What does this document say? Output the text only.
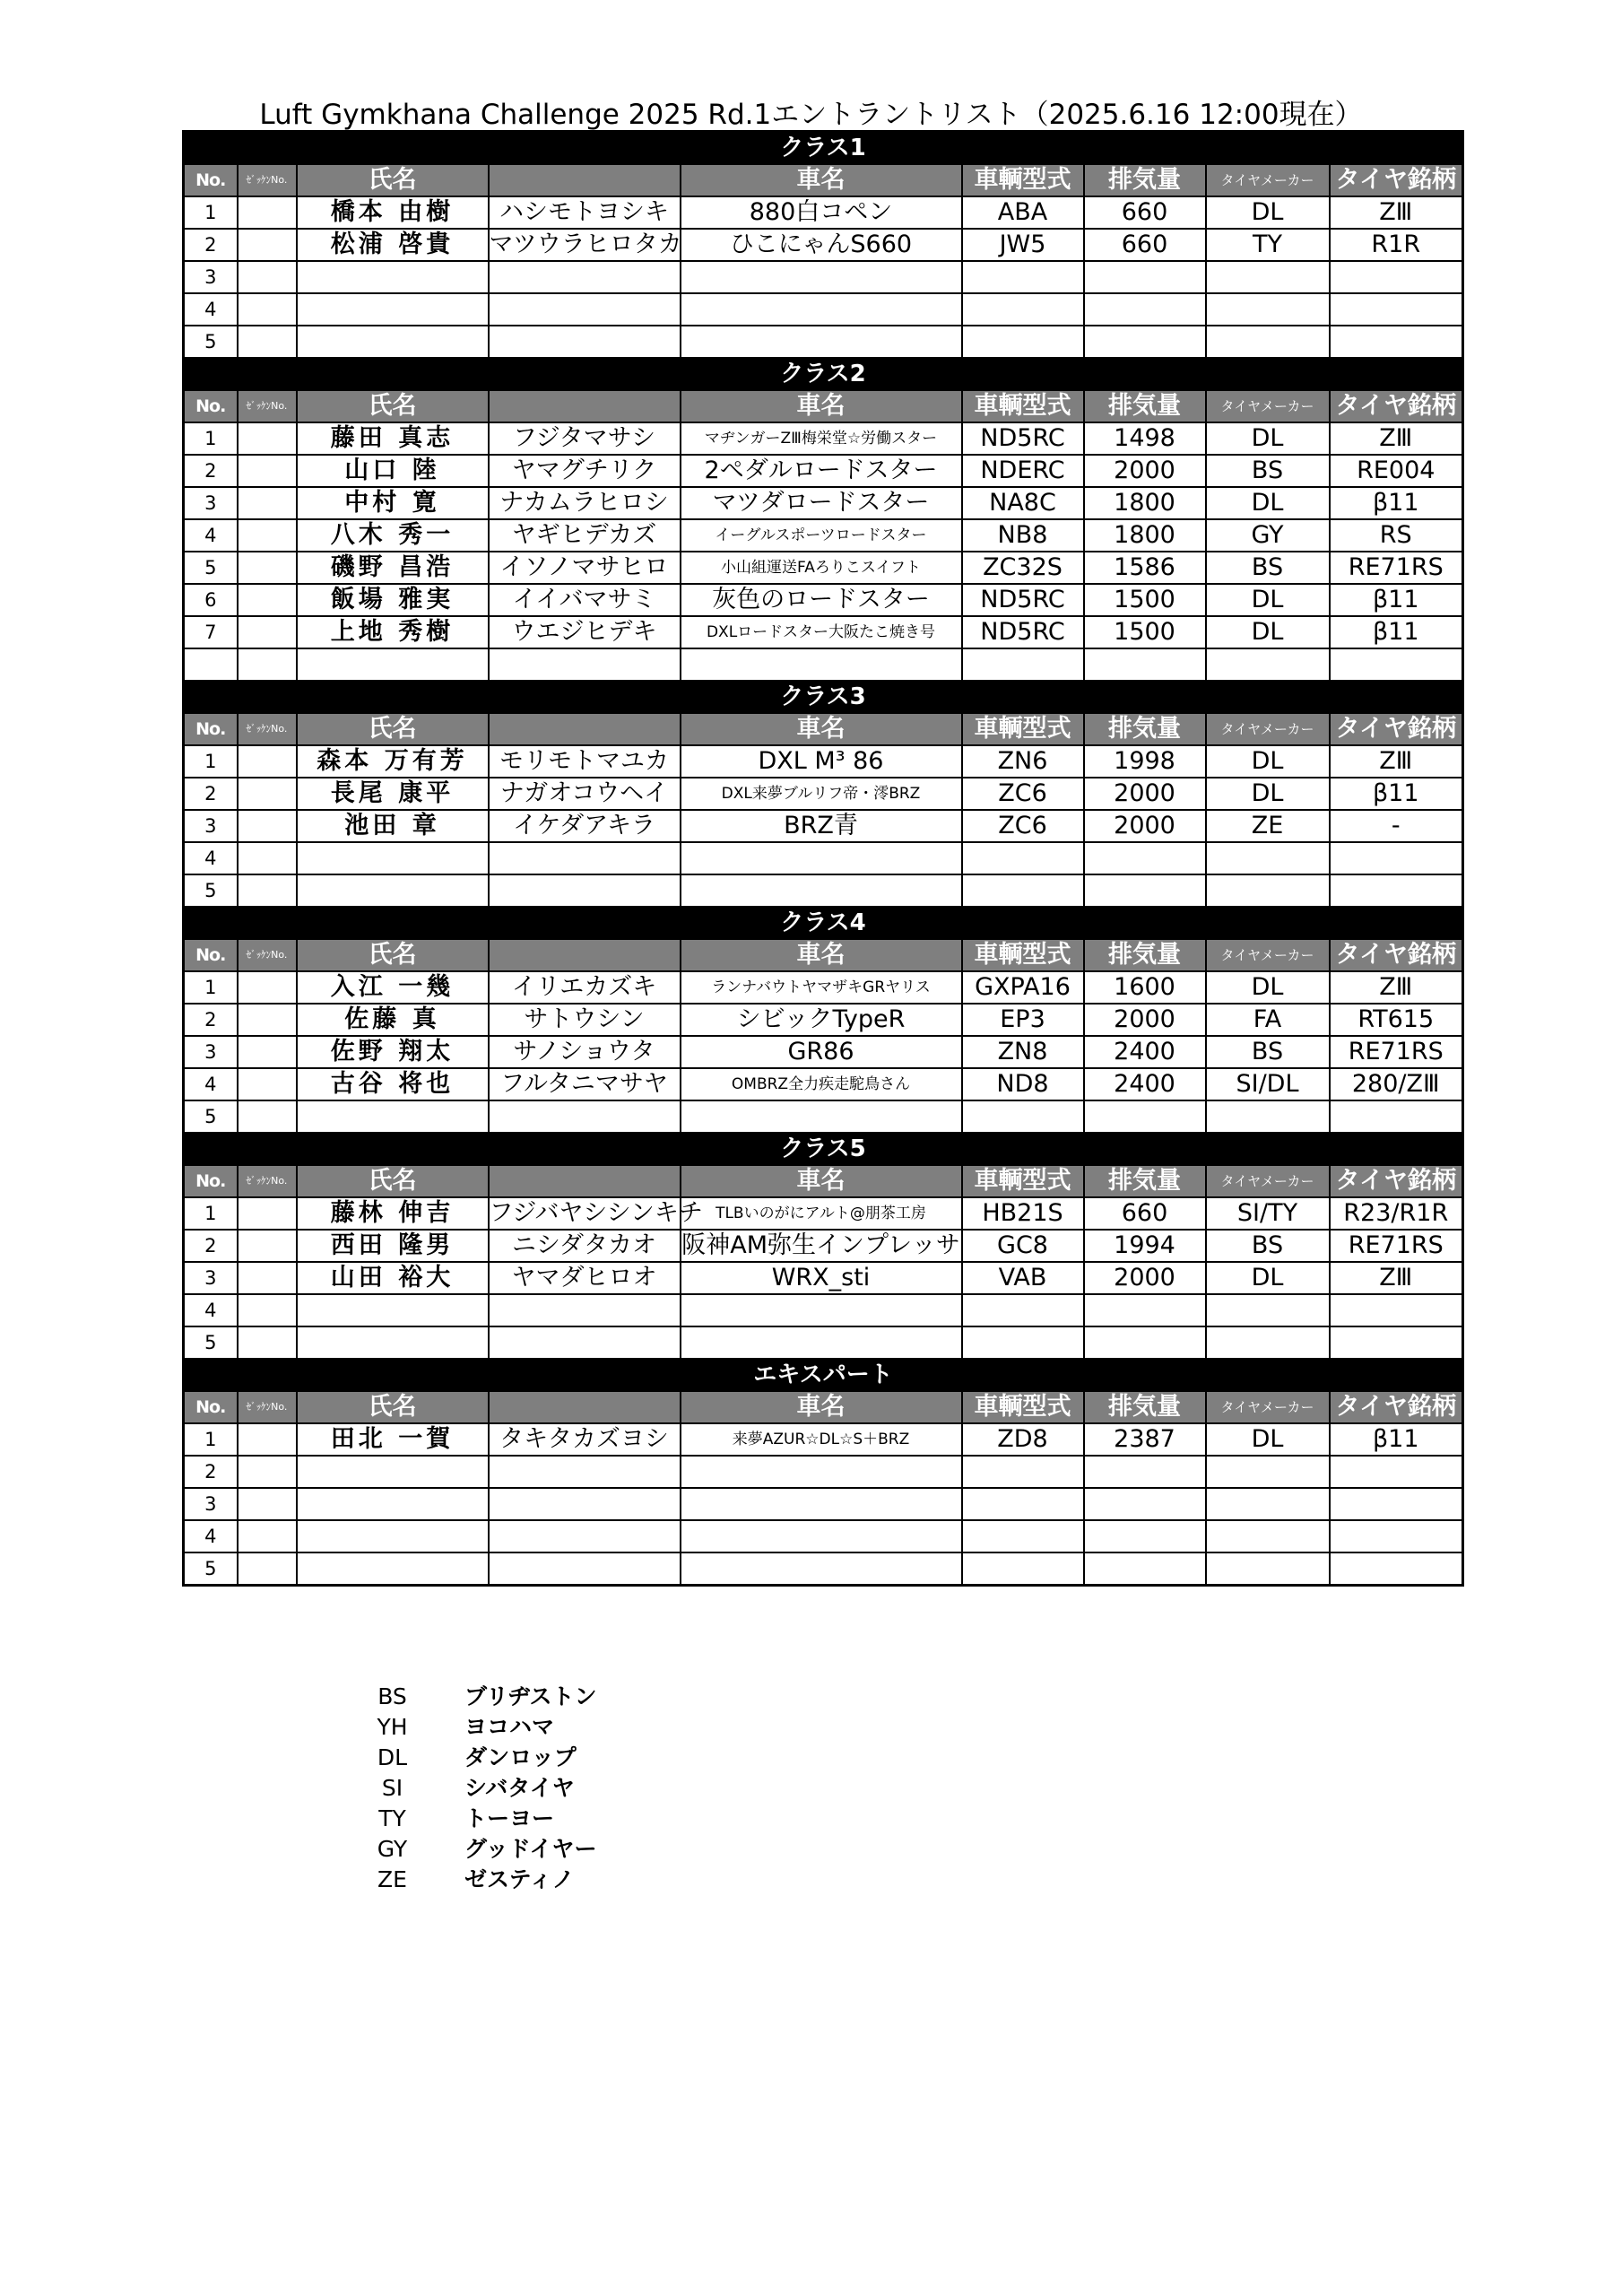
Luft Gymkhana Challenge 2025 Rd.1エントラントリスト（2025.6.16 12:00現在）
クラス1								
No.	ｾﾞｯｹﾝNo.	氏名		車名	車輌型式	排気量	タイヤメーカー	タイヤ銘柄
1		橋本 由樹	ハシモトヨシキ	880白コペン	ABA	660	DL	ZⅢ
2		松浦 啓貴	マツウラヒロタカ	ひこにゃんS660	JW5	660	TY	R1R
3								
4								
5								
クラス2								
No.	ｾﾞｯｹﾝNo.	氏名		車名	車輌型式	排気量	タイヤメーカー	タイヤ銘柄
1		藤田 真志	フジタマサシ	マヂンガーZⅢ梅栄堂☆労働スター	ND5RC	1498	DL	ZⅢ
2		山口 陸	ヤマグチリク	2ペダルロードスター	NDERC	2000	BS	RE004
3		中村 寛	ナカムラヒロシ	マツダロードスター	NA8C	1800	DL	β11
4		八木 秀一	ヤギヒデカズ	イーグルスポーツロードスター	NB8	1800	GY	RS
5		磯野 昌浩	イソノマサヒロ	小山組運送FAろりこスイフト	ZC32S	1586	BS	RE71RS
6		飯場 雅実	イイバマサミ	灰色のロードスター	ND5RC	1500	DL	β11
7		上地 秀樹	ウエジヒデキ	DXLロードスター大阪たこ焼き号	ND5RC	1500	DL	β11

クラス3								
No.	ｾﾞｯｹﾝNo.	氏名		車名	車輌型式	排気量	タイヤメーカー	タイヤ銘柄
1		森本 万有芳	モリモトマユカ	DXL M³ 86	ZN6	1998	DL	ZⅢ
2		長尾 康平	ナガオコウヘイ	DXL来夢ブルリフ帝・澪BRZ	ZC6	2000	DL	β11
3		池田 章	イケダアキラ	BRZ青	ZC6	2000	ZE	-
4								
5								
クラス4								
No.	ｾﾞｯｹﾝNo.	氏名		車名	車輌型式	排気量	タイヤメーカー	タイヤ銘柄
1		入江 一幾	イリエカズキ	ランナバウトヤマザキGRヤリス	GXPA16	1600	DL	ZⅢ
2		佐藤 真	サトウシン	シビックTypeR	EP3	2000	FA	RT615
3		佐野 翔太	サノショウタ	GR86	ZN8	2400	BS	RE71RS
4		古谷 将也	フルタニマサヤ	OMBRZ全力疾走駝鳥さん	ND8	2400	SI/DL	280/ZⅢ
5								
クラス5								
No.	ｾﾞｯｹﾝNo.	氏名		車名	車輌型式	排気量	タイヤメーカー	タイヤ銘柄
1		藤林 伸吉	フジバヤシシンキチ	TLBいのがにアルト@朋茶工房	HB21S	660	SI/TY	R23/R1R
2		西田 隆男	ニシダタカオ	阪神AM弥生インプレッサ	GC8	1994	BS	RE71RS
3		山田 裕大	ヤマダヒロオ	WRX_sti	VAB	2000	DL	ZⅢ
4								
5								
エキスパート								
No.	ｾﾞｯｹﾝNo.	氏名		車名	車輌型式	排気量	タイヤメーカー	タイヤ銘柄
1		田北 一賀	タキタカズヨシ	来夢AZUR☆DL☆S＋BRZ	ZD8	2387	DL	β11
2								
3								
4								
5								
BS	ブリヂストン
YH	ヨコハマ
DL	ダンロップ
SI	シバタイヤ
TY	トーヨー
GY	グッドイヤー
ZE	ゼスティノ
